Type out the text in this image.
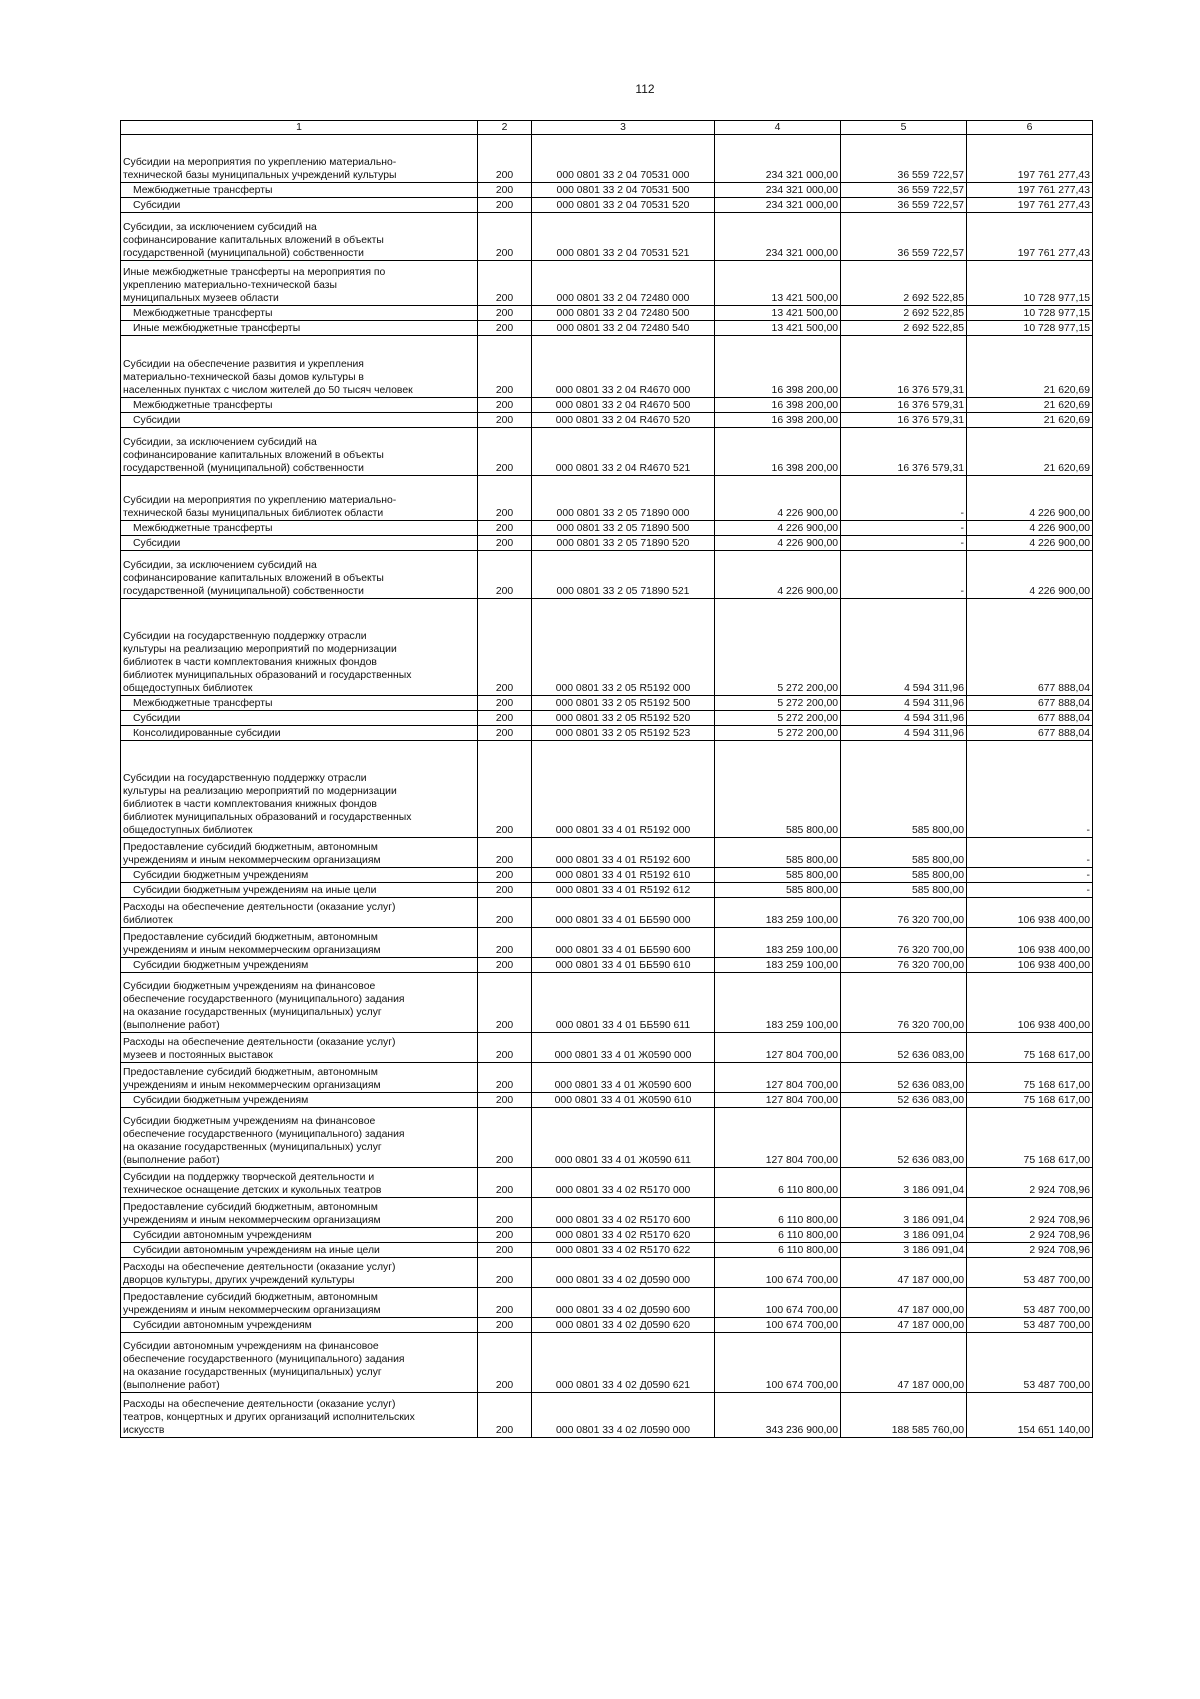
112
1	2	3	4	5	6
Субсидии на мероприятия по укреплению материально-
технической базы муниципальных учреждений культуры	200	000 0801 33 2 04 70531 000	234 321 000,00	36 559 722,57	197 761 277,43
Межбюджетные трансферты	200	000 0801 33 2 04 70531 500	234 321 000,00	36 559 722,57	197 761 277,43
Субсидии	200	000 0801 33 2 04 70531 520	234 321 000,00	36 559 722,57	197 761 277,43
Субсидии, за исключением субсидий на
софинансирование капитальных вложений в объекты
государственной (муниципальной) собственности	200	000 0801 33 2 04 70531 521	234 321 000,00	36 559 722,57	197 761 277,43
Иные межбюджетные трансферты на мероприятия по
укреплению материально-технической базы
муниципальных музеев области	200	000 0801 33 2 04 72480 000	13 421 500,00	2 692 522,85	10 728 977,15
Межбюджетные трансферты	200	000 0801 33 2 04 72480 500	13 421 500,00	2 692 522,85	10 728 977,15
Иные межбюджетные трансферты	200	000 0801 33 2 04 72480 540	13 421 500,00	2 692 522,85	10 728 977,15
Субсидии на обеспечение развития и укрепления
материально-технической базы домов культуры в
населенных пунктах с числом жителей до 50 тысяч человек	200	000 0801 33 2 04 R4670 000	16 398 200,00	16 376 579,31	21 620,69
Межбюджетные трансферты	200	000 0801 33 2 04 R4670 500	16 398 200,00	16 376 579,31	21 620,69
Субсидии	200	000 0801 33 2 04 R4670 520	16 398 200,00	16 376 579,31	21 620,69
Субсидии, за исключением субсидий на
софинансирование капитальных вложений в объекты
государственной (муниципальной) собственности	200	000 0801 33 2 04 R4670 521	16 398 200,00	16 376 579,31	21 620,69
Субсидии на мероприятия по укреплению материально-
технической базы муниципальных библиотек области	200	000 0801 33 2 05 71890 000	4 226 900,00	-	4 226 900,00
Межбюджетные трансферты	200	000 0801 33 2 05 71890 500	4 226 900,00	-	4 226 900,00
Субсидии	200	000 0801 33 2 05 71890 520	4 226 900,00	-	4 226 900,00
Субсидии, за исключением субсидий на
софинансирование капитальных вложений в объекты
государственной (муниципальной) собственности	200	000 0801 33 2 05 71890 521	4 226 900,00	-	4 226 900,00
Субсидии на государственную поддержку отрасли
культуры на реализацию мероприятий по модернизации
библиотек в части комплектования книжных фондов
библиотек муниципальных образований и государственных
общедоступных библиотек	200	000 0801 33 2 05 R5192 000	5 272 200,00	4 594 311,96	677 888,04
Межбюджетные трансферты	200	000 0801 33 2 05 R5192 500	5 272 200,00	4 594 311,96	677 888,04
Субсидии	200	000 0801 33 2 05 R5192 520	5 272 200,00	4 594 311,96	677 888,04
Консолидированные субсидии	200	000 0801 33 2 05 R5192 523	5 272 200,00	4 594 311,96	677 888,04
Субсидии на государственную поддержку отрасли
культуры на реализацию мероприятий по модернизации
библиотек в части комплектования книжных фондов
библиотек муниципальных образований и государственных
общедоступных библиотек	200	000 0801 33 4 01 R5192 000	585 800,00	585 800,00	-
Предоставление субсидий бюджетным, автономным
учреждениям и иным некоммерческим организациям	200	000 0801 33 4 01 R5192 600	585 800,00	585 800,00	-
Субсидии бюджетным учреждениям	200	000 0801 33 4 01 R5192 610	585 800,00	585 800,00	-
Субсидии бюджетным учреждениям на иные цели	200	000 0801 33 4 01 R5192 612	585 800,00	585 800,00	-
Расходы на обеспечение деятельности (оказание услуг)
библиотек	200	000 0801 33 4 01 ББ590 000	183 259 100,00	76 320 700,00	106 938 400,00
Предоставление субсидий бюджетным, автономным
учреждениям и иным некоммерческим организациям	200	000 0801 33 4 01 ББ590 600	183 259 100,00	76 320 700,00	106 938 400,00
Субсидии бюджетным учреждениям	200	000 0801 33 4 01 ББ590 610	183 259 100,00	76 320 700,00	106 938 400,00
Субсидии бюджетным учреждениям на финансовое
обеспечение государственного (муниципального) задания
на оказание государственных (муниципальных) услуг
(выполнение работ)	200	000 0801 33 4 01 ББ590 611	183 259 100,00	76 320 700,00	106 938 400,00
Расходы на обеспечение деятельности (оказание услуг)
музеев и постоянных выставок	200	000 0801 33 4 01 Ж0590 000	127 804 700,00	52 636 083,00	75 168 617,00
Предоставление субсидий бюджетным, автономным
учреждениям и иным некоммерческим организациям	200	000 0801 33 4 01 Ж0590 600	127 804 700,00	52 636 083,00	75 168 617,00
Субсидии бюджетным учреждениям	200	000 0801 33 4 01 Ж0590 610	127 804 700,00	52 636 083,00	75 168 617,00
Субсидии бюджетным учреждениям на финансовое
обеспечение государственного (муниципального) задания
на оказание государственных (муниципальных) услуг
(выполнение работ)	200	000 0801 33 4 01 Ж0590 611	127 804 700,00	52 636 083,00	75 168 617,00
Субсидии на поддержку творческой деятельности и
техническое оснащение детских и кукольных театров	200	000 0801 33 4 02 R5170 000	6 110 800,00	3 186 091,04	2 924 708,96
Предоставление субсидий бюджетным, автономным
учреждениям и иным некоммерческим организациям	200	000 0801 33 4 02 R5170 600	6 110 800,00	3 186 091,04	2 924 708,96
Субсидии автономным учреждениям	200	000 0801 33 4 02 R5170 620	6 110 800,00	3 186 091,04	2 924 708,96
Субсидии автономным учреждениям на иные цели	200	000 0801 33 4 02 R5170 622	6 110 800,00	3 186 091,04	2 924 708,96
Расходы на обеспечение деятельности (оказание услуг)
дворцов культуры, других учреждений культуры	200	000 0801 33 4 02 Д0590 000	100 674 700,00	47 187 000,00	53 487 700,00
Предоставление субсидий бюджетным, автономным
учреждениям и иным некоммерческим организациям	200	000 0801 33 4 02 Д0590 600	100 674 700,00	47 187 000,00	53 487 700,00
Субсидии автономным учреждениям	200	000 0801 33 4 02 Д0590 620	100 674 700,00	47 187 000,00	53 487 700,00
Субсидии автономным учреждениям на финансовое
обеспечение государственного (муниципального) задания
на оказание государственных (муниципальных) услуг
(выполнение работ)	200	000 0801 33 4 02 Д0590 621	100 674 700,00	47 187 000,00	53 487 700,00
Расходы на обеспечение деятельности (оказание услуг)
театров, концертных и других организаций исполнительских
искусств	200	000 0801 33 4 02 Л0590 000	343 236 900,00	188 585 760,00	154 651 140,00
